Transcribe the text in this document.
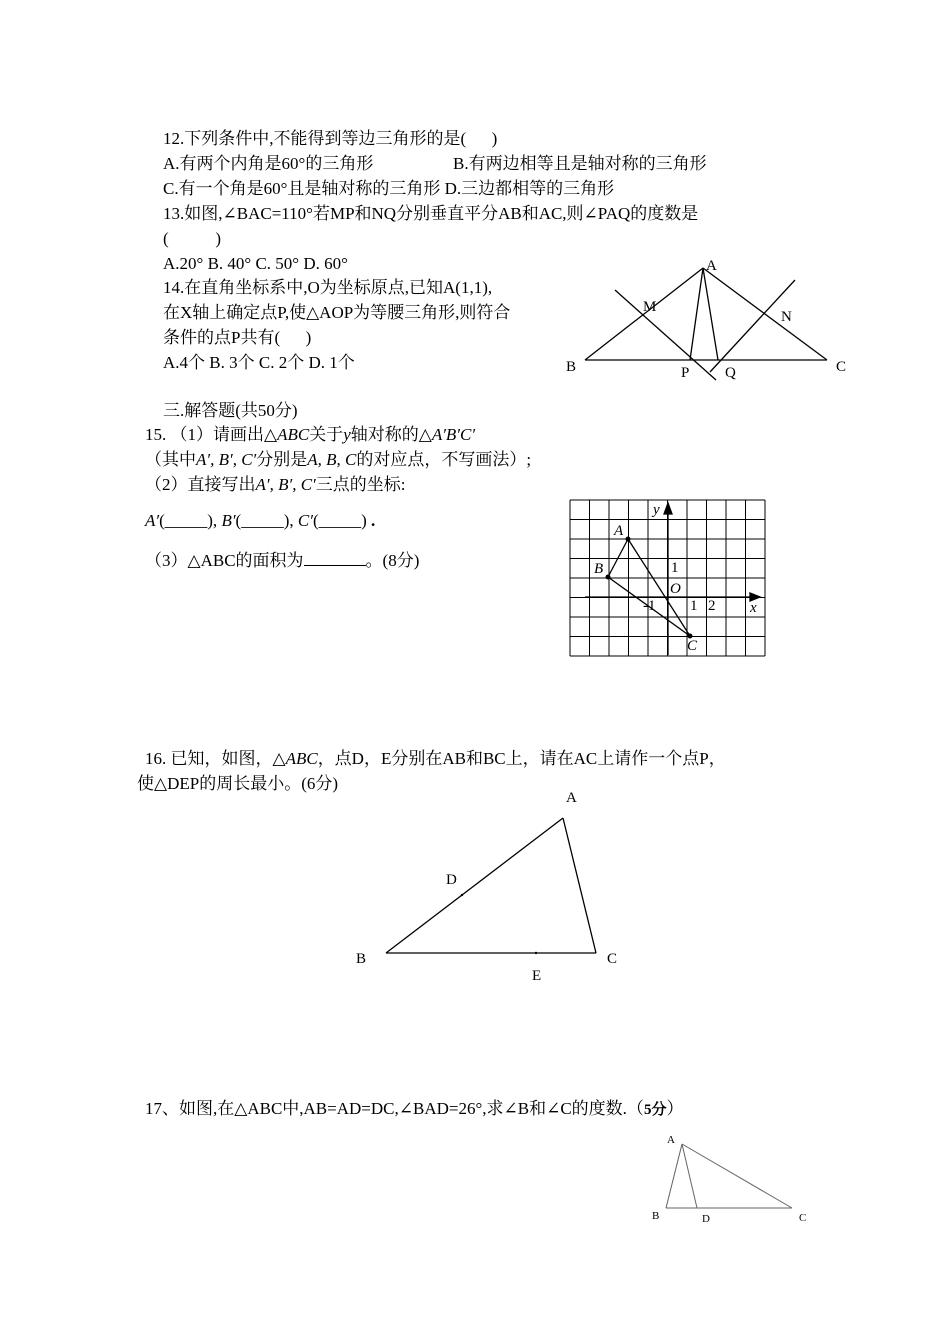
12.下列条件中,不能得到等边三角形的是(      )
A.有两个内角是60°的三角形	B.有两边相等且是轴对称的三角形
C.有一个角是60°且是轴对称的三角形 D.三边都相等的三角形
13.如图,∠BAC=110°若MP和NQ分别垂直平分AB和AC,则∠PAQ的度数是
(           )
A.20° B. 40° C. 50° D. 60°
14.在直角坐标系中,O为坐标原点,已知A(1,1),
在X轴上确定点P,使△AOP为等腰三角形,则符合
条件的点P共有(      )
A.4个 B. 3个 C. 2个 D. 1个
A
M
N
B	P Q	C
三.解答题(共50分)
15. （1）请画出△ABC关于y轴对称的△A′B′C′
（其中A′, B′, C′分别是A, B, C的对应点，不写画法）;
（2）直接写出A′, B′, C′三点的坐标:
A′(_____), B′(_____), C′(_____) .
（3）△ABC的面积为	。(8分)
y
x
A
B
C
O
1
-1 1 2
16. 已知，如图，△ABC，点D，E分别在AB和BC上，请在AC上请作一个点P，
使△DEP的周长最小。(6分)
A
D
B	C
E
17、如图,在△ABC中,AB=AD=DC,∠BAD=26°,求∠B和∠C的度数.（5分）
A
B	D	C
